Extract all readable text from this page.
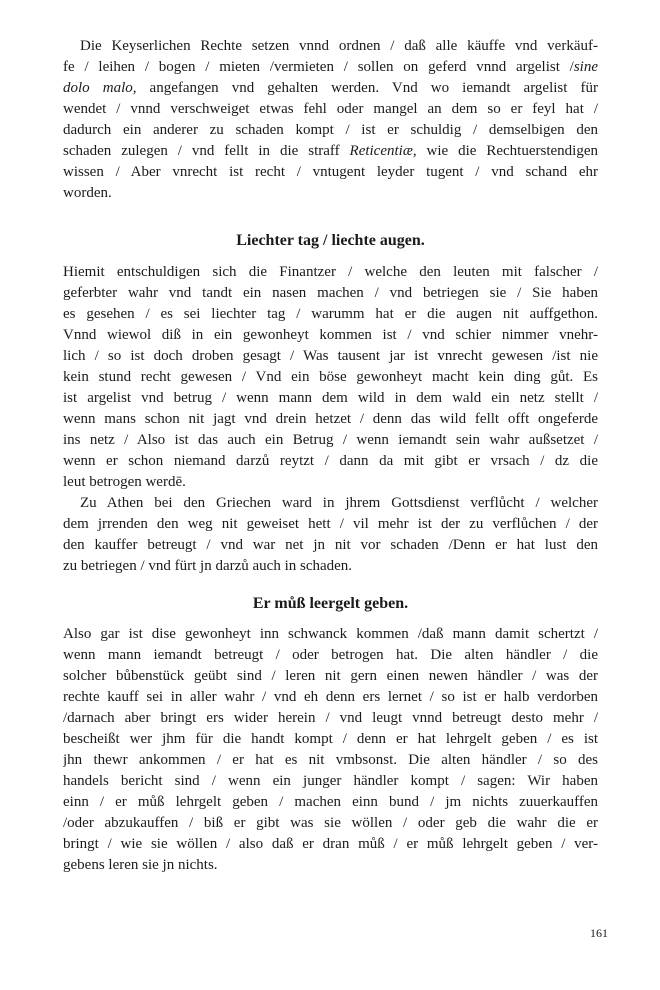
Die Keyserlichen Rechte setzen vnnd ordnen / daß alle käuffe vnd verkäuf-
fe / leihen / bogen / mieten /vermieten / sollen on geferd vnnd argelist /sine
dolo malo, angefangen vnd gehalten werden. Vnd wo iemandt argelist für
wendet / vnnd verschweiget etwas fehl oder mangel an dem so er feyl hat /
dadurch ein anderer zu schaden kompt / ist er schuldig / demselbigen den
schaden zulegen / vnd fellt in die straff Reticentiæ, wie die Rechtuerstendigen
wissen / Aber vnrecht ist recht / vntugent leyder tugent / vnd schand ehr
worden.
Liechter tag / liechte augen.
Hiemit entschuldigen sich die Finantzer / welche den leuten mit falscher /
geferbter wahr vnd tandt ein nasen machen / vnd betriegen sie / Sie haben
es gesehen / es sei liechter tag / warumm hat er die augen nit auffgethon.
Vnnd wiewol diß in ein gewonheyt kommen ist / vnd schier nimmer vnehr-
lich / so ist doch droben gesagt / Was tausent jar ist vnrecht gewesen /ist nie
kein stund recht gewesen / Vnd ein böse gewonheyt macht kein ding gůt. Es
ist argelist vnd betrug / wenn mann dem wild in dem wald ein netz stellt /
wenn mans schon nit jagt vnd drein hetzet / denn das wild fellt offt ongeferde
ins netz / Also ist das auch ein Betrug / wenn iemandt sein wahr außsetzet /
wenn er schon niemand darzů reytzt / dann da mit gibt er vrsach / dz die
leut betrogen werdē.
Zu Athen bei den Griechen ward in jhrem Gottsdienst verflůcht / welcher
dem jrrenden den weg nit geweiset hett / vil mehr ist der zu verflůchen / der
den kauffer betreugt / vnd war net jn nit vor schaden /Denn er hat lust den
zu betriegen / vnd fürt jn darzů auch in schaden.
Er můß leergelt geben.
Also gar ist dise gewonheyt inn schwanck kommen /daß mann damit schertzt /
wenn mann iemandt betreugt / oder betrogen hat. Die alten händler / die
solcher bůbenstück geübt sind / leren nit gern einen newen händler / was der
rechte kauff sei in aller wahr / vnd eh denn ers lernet / so ist er halb verdorben
/darnach aber bringt ers wider herein / vnd leugt vnnd betreugt desto mehr /
bescheißt wer jhm für die handt kompt / denn er hat lehrgelt geben / es ist
jhn thewr ankommen / er hat es nit vmbsonst. Die alten händler / so des
handels bericht sind / wenn ein junger händler kompt / sagen: Wir haben
einn / er můß lehrgelt geben / machen einn bund / jm nichts zuuerkauffen
/oder abzukauffen / biß er gibt was sie wöllen / oder geb die wahr die er
bringt / wie sie wöllen / also daß er dran můß / er můß lehrgelt geben / ver-
gebens leren sie jn nichts.
161
